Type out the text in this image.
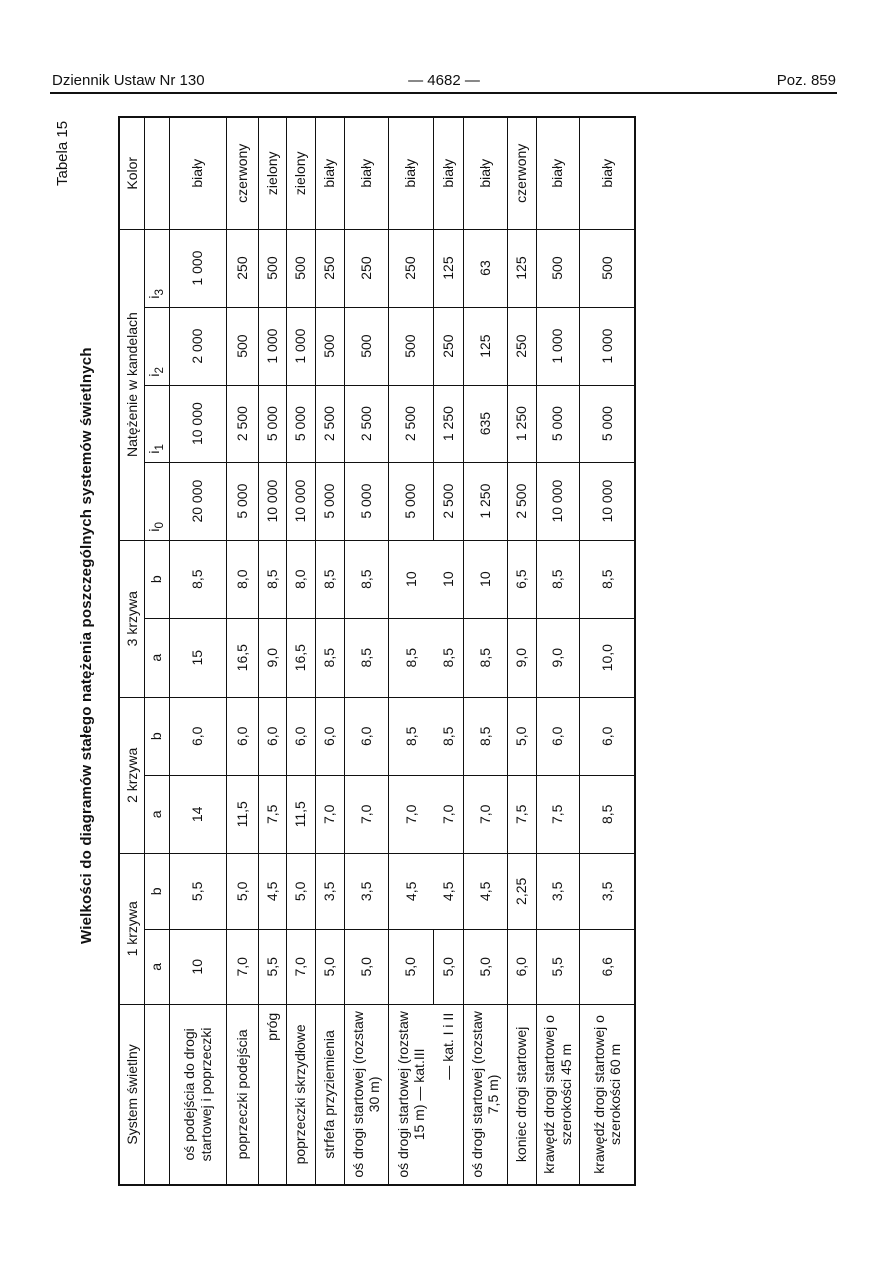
— 4682 —
Dziennik Ustaw Nr 130	Poz. 859
Tabela 15
Wielkości do diagramów stałego natężenia poszczególnych systemów świetlnych
System świetlny	1 krzywa		2 krzywa		3 krzywa		Natężenie w kandelach				Kolor
	a	b	a	b	a	b	$i_0$	$i_1$	$i_2$	$i_3$	
oś podejścia do drogi startowej i poprzeczki	10	5,5	14	6,0	15	8,5	20 000	10 000	2 000	1 000	biały
poprzeczki podejścia	7,0	5,0	11,5	6,0	16,5	8,0	5 000	2 500	500	250	czerwony
próg	5,5	4,5	7,5	6,0	9,0	8,5	10 000	5 000	1 000	500	zielony
poprzeczki skrzydłowe	7,0	5,0	11,5	6,0	16,5	8,0	10 000	5 000	1 000	500	zielony
strfefa przyziemienia	5,0	3,5	7,0	6,0	8,5	8,5	5 000	2 500	500	250	biały
oś drogi startowej (rozstaw 30 m)	5,0	3,5	7,0	6,0	8,5	8,5	5 000	2 500	500	250	biały
oś drogi startowej (rozstaw 15 m) — kat.III	5,0	4,5	7,0	8,5	8,5	10	5 000	2 500	500	250	biały
— kat. I i II	5,0	4,5	7,0	8,5	8,5	10	2 500	1 250	250	125	biały
oś drogi startowej (rozstaw 7,5 m)	5,0	4,5	7,0	8,5	8,5	10	1 250	635	125	63	biały
koniec drogi startowej	6,0	2,25	7,5	5,0	9,0	6,5	2 500	1 250	250	125	czerwony
krawędź drogi startowej o szerokości 45 m	5,5	3,5	7,5	6,0	9,0	8,5	10 000	5 000	1 000	500	biały
krawędź drogi startowej o szerokości 60 m	6,6	3,5	8,5	6,0	10,0	8,5	10 000	5 000	1 000	500	biały
